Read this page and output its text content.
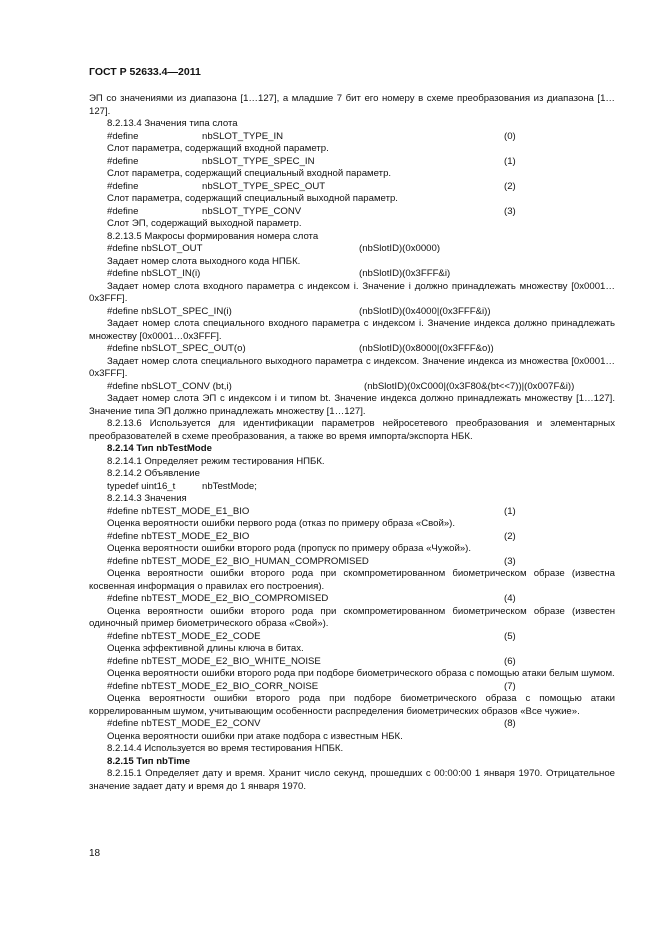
ГОСТ Р 52633.4—2011

ЭП со значениями из диапазона [1…127], а младшие 7 бит его номеру в схеме преобразования из диапазона [1…127].

8.2.13.4 Значения типа слота

#define	nbSLOT_TYPE_IN	(0)

Слот параметра, содержащий входной параметр.

#define	nbSLOT_TYPE_SPEC_IN	(1)

Слот параметра, содержащий специальный входной параметр.

#define	nbSLOT_TYPE_SPEC_OUT	(2)

Слот параметра, содержащий специальный выходной параметр.

#define	nbSLOT_TYPE_CONV	(3)

Слот ЭП, содержащий выходной параметр.

8.2.13.5 Макросы формирования номера слота

#define nbSLOT_OUT	(nbSlotID)(0x0000)

Задает номер слота выходного кода НПБК.

#define nbSLOT_IN(i)	(nbSlotID)(0x3FFF&i)

Задает номер слота входного параметра с индексом i. Значение i должно принадлежать множеству [0x0001…0x3FFF].

#define nbSLOT_SPEC_IN(i)	(nbSlotID)(0x4000|(0x3FFF&i))

Задает номер слота специального входного параметра с индексом i. Значение индекса должно принадлежать множеству [0x0001…0x3FFF].

#define nbSLOT_SPEC_OUT(o)	(nbSlotID)(0x8000|(0x3FFF&o))

Задает номер слота специального выходного параметра с индексом. Значение индекса из множества [0x0001…0x3FFF].

#define nbSLOT_CONV (bt,i)	(nbSlotID)(0xC000|(0x3F80&(bt<<7))|(0x007F&i))

Задает номер слота ЭП с индексом i и типом bt. Значение индекса должно принадлежать множеству [1…127]. Значение типа ЭП должно принадлежать множеству [1…127].

8.2.13.6 Используется для идентификации параметров нейросетевого преобразования и элементарных преобразователей в схеме преобразования, а также во время импорта/экспорта НБК.

8.2.14 Тип nbTestMode

8.2.14.1 Определяет режим тестирования НПБК.

8.2.14.2 Объявление

typedef uint16_t	nbTestMode;

8.2.14.3 Значения

#define nbTEST_MODE_E1_BIO	(1)

Оценка вероятности ошибки первого рода (отказ по примеру образа «Свой»).

#define nbTEST_MODE_E2_BIO	(2)

Оценка вероятности ошибки второго рода (пропуск по примеру образа «Чужой»).

#define nbTEST_MODE_E2_BIO_HUMAN_COMPROMISED	(3)

Оценка вероятности ошибки второго рода при скомпрометированном биометрическом образе (известна косвенная информация о правилах его построения).

#define nbTEST_MODE_E2_BIO_COMPROMISED	(4)

Оценка вероятности ошибки второго рода при скомпрометированном биометрическом образе (известен одиночный пример биометрического образа «Свой»).

#define nbTEST_MODE_E2_CODE	(5)

Оценка эффективной длины ключа в битах.

#define nbTEST_MODE_E2_BIO_WHITE_NOISE	(6)

Оценка вероятности ошибки второго рода при подборе биометрического образа с помощью атаки белым шумом.

#define nbTEST_MODE_E2_BIO_CORR_NOISE	(7)

Оценка вероятности ошибки второго рода при подборе биометрического образа с помощью атаки коррелированным шумом, учитывающим особенности распределения биометрических образов «Все чужие».

#define nbTEST_MODE_E2_CONV	(8)

Оценка вероятности ошибки при атаке подбора с известным НБК.

8.2.14.4 Используется во время тестирования НПБК.

8.2.15 Тип nbTime

8.2.15.1 Определяет дату и время. Хранит число секунд, прошедших с 00:00:00 1 января 1970. Отрицательное значение задает дату и время до 1 января 1970.

18
